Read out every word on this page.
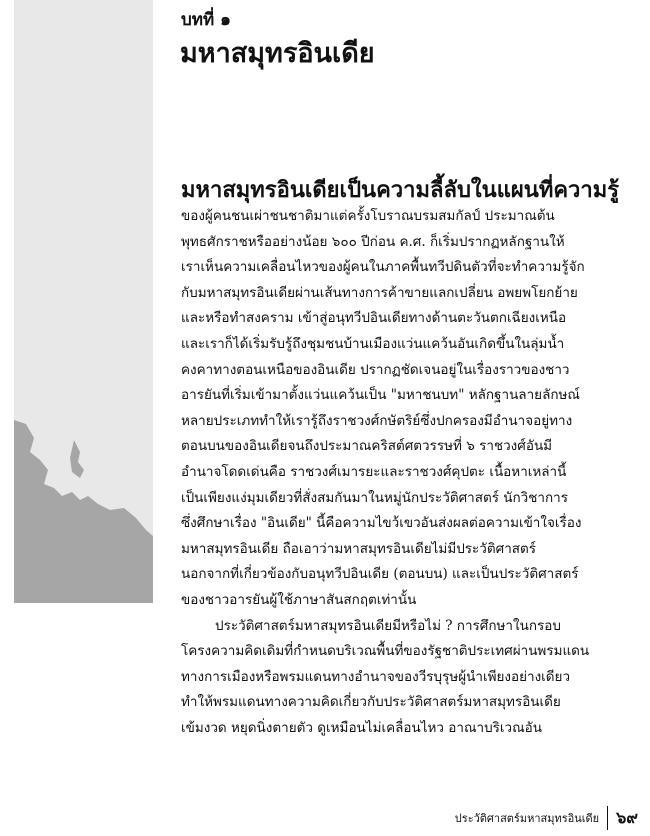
บทที่ ๑
มหาสมุทรอินเดีย
มหาสมุทรอินเดียเป็นความลี้ลับในแผนที่ความรู้
ของผู้คนชนเผ่าชนชาติมาแต่ครั้งโบราณบรมสมกัลป์ ประมาณต้น
พุทธศักราชหรืออย่างน้อย ๖๐๐ ปีก่อน ค.ศ. ก็เริ่มปรากฏหลักฐานให้
เราเห็นความเคลื่อนไหวของผู้คนในภาคพื้นทวีปดินตัวที่จะทำความรู้จัก
กับมหาสมุทรอินเดียผ่านเส้นทางการค้าขายแลกเปลี่ยน อพยพโยกย้าย
และหรือทำสงคราม เข้าสู่อนุทวีปอินเดียทางด้านตะวันตกเฉียงเหนือ
และเราก็ได้เริ่มรับรู้ถึงชุมชนบ้านเมืองแว่นแคว้นอันเกิดขึ้นในลุ่มน้ำ
คงคาทางตอนเหนือของอินเดีย ปรากฏชัดเจนอยู่ในเรื่องราวของชาว
อารยันที่เริ่มเข้ามาตั้งแว่นแคว้นเป็น "มหาชนบท" หลักฐานลายลักษณ์
หลายประเภททำให้เรารู้ถึงราชวงศ์กษัตริย์ซึ่งปกครองมีอำนาจอยู่ทาง
ตอนบนของอินเดียจนถึงประมาณคริสต์ศตวรรษที่ ๖ ราชวงศ์อันมี
อำนาจโดดเด่นคือ ราชวงศ์เมารยะและราชวงศ์คุปตะ เนื้อหาเหล่านี้
เป็นเพียงแง่มุมเดียวที่สั่งสมกันมาในหมู่นักประวัติศาสตร์ นักวิชาการ
ซึ่งศึกษาเรื่อง "อินเดีย" นี้คือความไขว้เขวอันส่งผลต่อความเข้าใจเรื่อง
มหาสมุทรอินเดีย ถือเอาว่ามหาสมุทรอินเดียไม่มีประวัติศาสตร์
นอกจากที่เกี่ยวข้องกับอนุทวีปอินเดีย (ตอนบน) และเป็นประวัติศาสตร์
ของชาวอารยันผู้ใช้ภาษาสันสกฤตเท่านั้น
ประวัติศาสตร์มหาสมุทรอินเดียมีหรือไม่ ? การศึกษาในกรอบ
โครงความคิดเดิมที่กำหนดบริเวณพื้นที่ของรัฐชาติประเทศผ่านพรมแดน
ทางการเมืองหรือพรมแดนทางอำนาจของวีรบุรุษผู้นำเพียงอย่างเดียว
ทำให้พรมแดนทางความคิดเกี่ยวกับประวัติศาสตร์มหาสมุทรอินเดีย
เข้มงวด หยุดนิ่งตายตัว ดูเหมือนไม่เคลื่อนไหว อาณาบริเวณอัน
ประวัติศาสตร์มหาสมุทรอินเดีย ๖๙
